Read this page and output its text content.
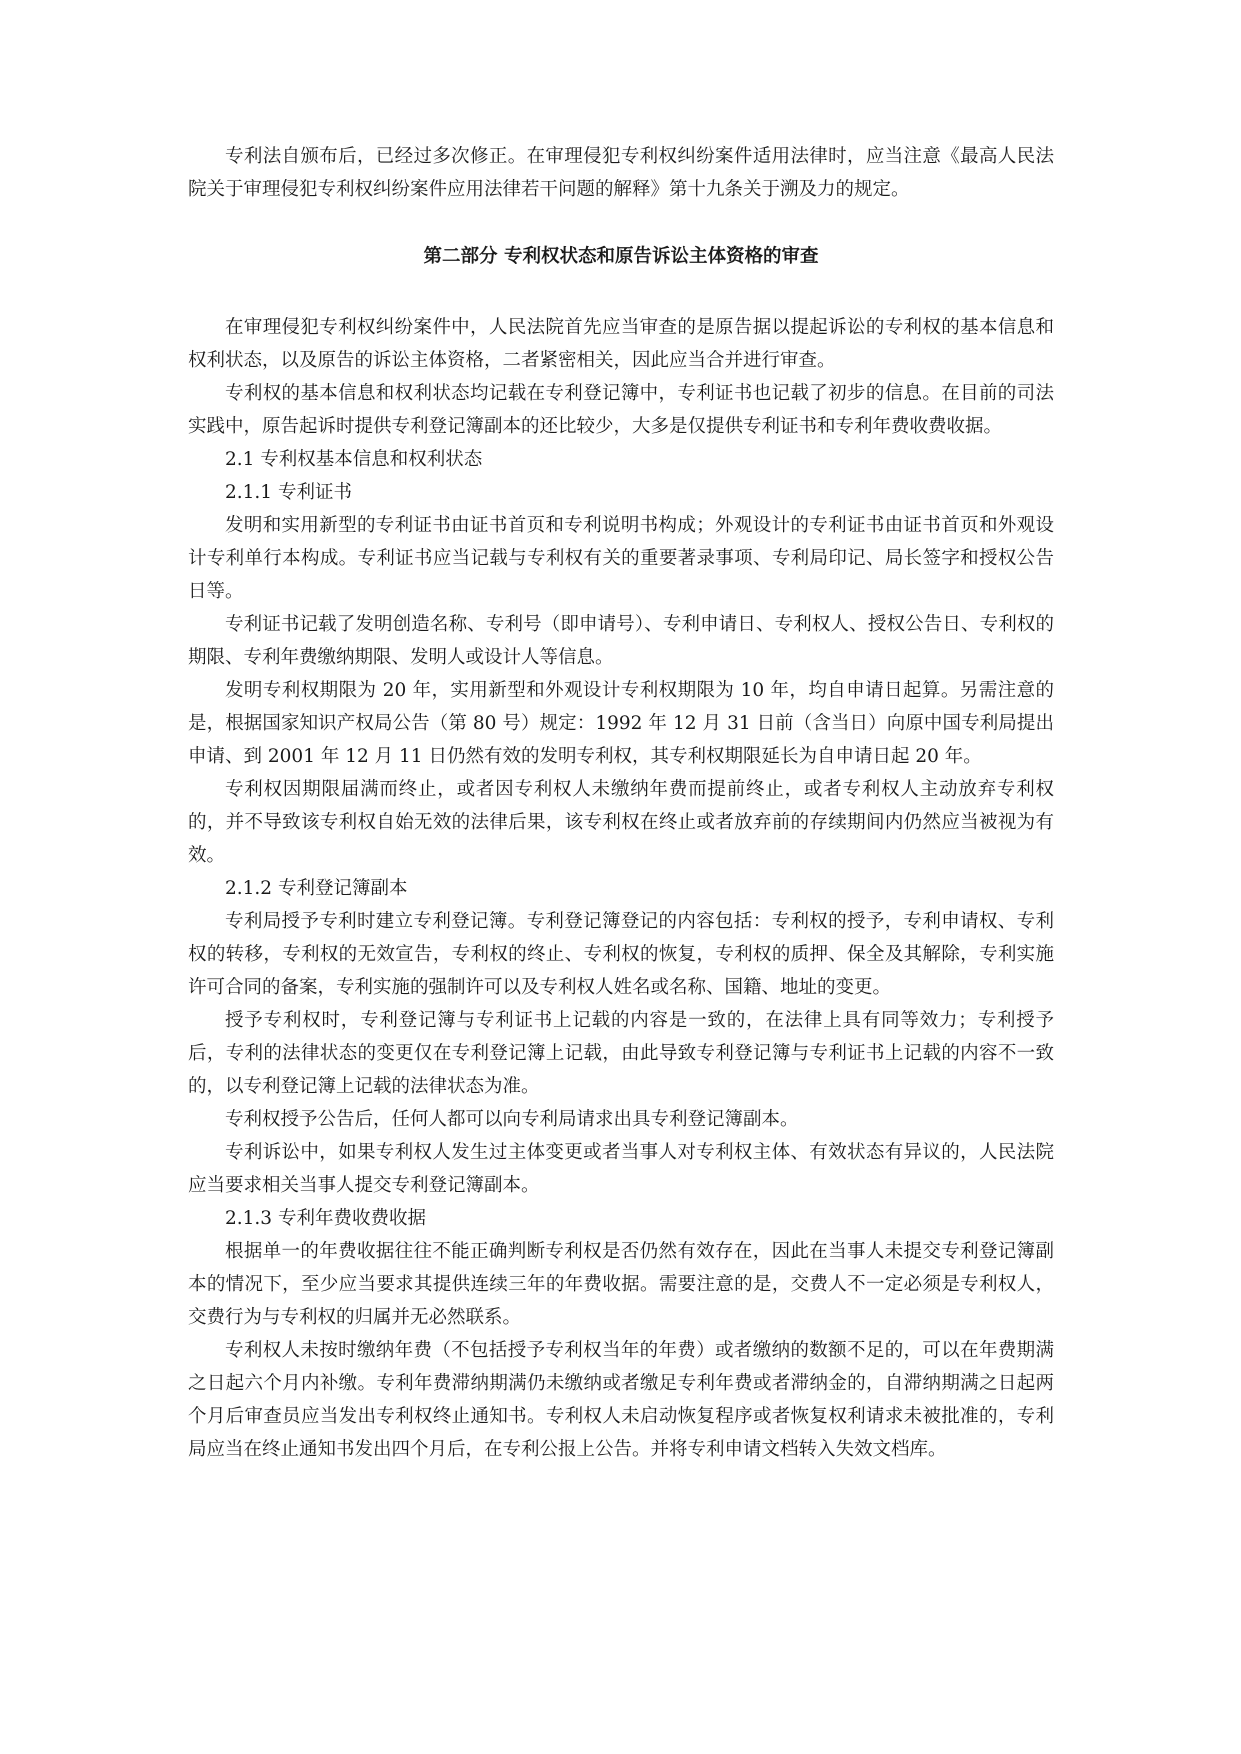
专利法自颁布后，已经过多次修正。在审理侵犯专利权纠纷案件适用法律时，应当注意《最高人民法院关于审理侵犯专利权纠纷案件应用法律若干问题的解释》第十九条关于溯及力的规定。

第二部分 专利权状态和原告诉讼主体资格的审查

在审理侵犯专利权纠纷案件中，人民法院首先应当审查的是原告据以提起诉讼的专利权的基本信息和权利状态，以及原告的诉讼主体资格，二者紧密相关，因此应当合并进行审查。

专利权的基本信息和权利状态均记载在专利登记簿中，专利证书也记载了初步的信息。在目前的司法实践中，原告起诉时提供专利登记簿副本的还比较少，大多是仅提供专利证书和专利年费收费收据。

2.1 专利权基本信息和权利状态

2.1.1 专利证书

发明和实用新型的专利证书由证书首页和专利说明书构成；外观设计的专利证书由证书首页和外观设计专利单行本构成。专利证书应当记载与专利权有关的重要著录事项、专利局印记、局长签字和授权公告日等。

专利证书记载了发明创造名称、专利号（即申请号）、专利申请日、专利权人、授权公告日、专利权的期限、专利年费缴纳期限、发明人或设计人等信息。

发明专利权期限为 20 年，实用新型和外观设计专利权期限为 10 年，均自申请日起算。另需注意的是，根据国家知识产权局公告（第 80 号）规定：1992 年 12 月 31 日前（含当日）向原中国专利局提出申请、到 2001 年 12 月 11 日仍然有效的发明专利权，其专利权期限延长为自申请日起 20 年。

专利权因期限届满而终止，或者因专利权人未缴纳年费而提前终止，或者专利权人主动放弃专利权的，并不导致该专利权自始无效的法律后果，该专利权在终止或者放弃前的存续期间内仍然应当被视为有效。

2.1.2 专利登记簿副本

专利局授予专利时建立专利登记簿。专利登记簿登记的内容包括：专利权的授予，专利申请权、专利权的转移，专利权的无效宣告，专利权的终止、专利权的恢复，专利权的质押、保全及其解除，专利实施许可合同的备案，专利实施的强制许可以及专利权人姓名或名称、国籍、地址的变更。

授予专利权时，专利登记簿与专利证书上记载的内容是一致的，在法律上具有同等效力；专利授予后，专利的法律状态的变更仅在专利登记簿上记载，由此导致专利登记簿与专利证书上记载的内容不一致的，以专利登记簿上记载的法律状态为准。

专利权授予公告后，任何人都可以向专利局请求出具专利登记簿副本。

专利诉讼中，如果专利权人发生过主体变更或者当事人对专利权主体、有效状态有异议的，人民法院应当要求相关当事人提交专利登记簿副本。

2.1.3 专利年费收费收据

根据单一的年费收据往往不能正确判断专利权是否仍然有效存在，因此在当事人未提交专利登记簿副本的情况下，至少应当要求其提供连续三年的年费收据。需要注意的是，交费人不一定必须是专利权人，交费行为与专利权的归属并无必然联系。

专利权人未按时缴纳年费（不包括授予专利权当年的年费）或者缴纳的数额不足的，可以在年费期满之日起六个月内补缴。专利年费滞纳期满仍未缴纳或者缴足专利年费或者滞纳金的，自滞纳期满之日起两个月后审查员应当发出专利权终止通知书。专利权人未启动恢复程序或者恢复权利请求未被批准的，专利局应当在终止通知书发出四个月后，在专利公报上公告。并将专利申请文档转入失效文档库。
